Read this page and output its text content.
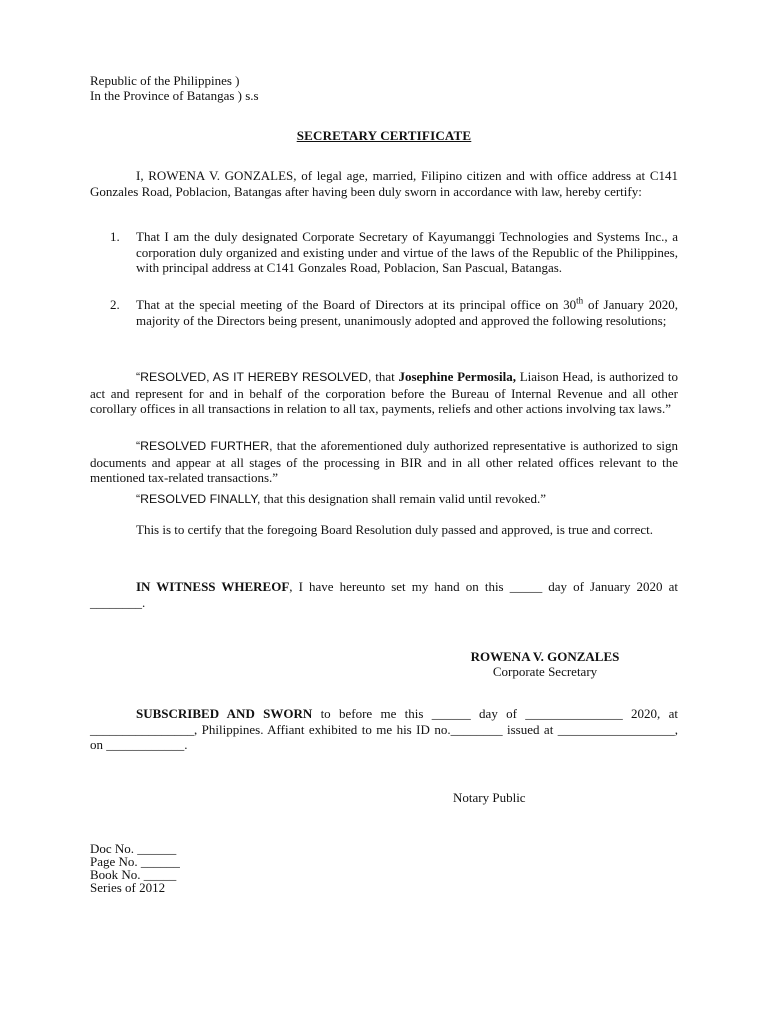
Republic of the Philippines )
In the Province of Batangas ) s.s
SECRETARY CERTIFICATE

I, ROWENA V. GONZALES, of legal age, married, Filipino citizen and with office address at C141 Gonzales Road, Poblacion, Batangas after having been duly sworn in accordance with law, hereby certify:

1. That I am the duly designated Corporate Secretary of Kayumanggi Technologies and Systems Inc., a corporation duly organized and existing under and virtue of the laws of the Republic of the Philippines, with principal address at C141 Gonzales Road, Poblacion, San Pascual, Batangas.
2. That at the special meeting of the Board of Directors at its principal office on 30th of January 2020, majority of the Directors being present, unanimously adopted and approved the following resolutions;

“RESOLVED, AS IT HEREBY RESOLVED, that Josephine Permosila, Liaison Head, is authorized to act and represent for and in behalf of the corporation before the Bureau of Internal Revenue and all other corollary offices in all transactions in relation to all tax, payments, reliefs and other actions involving tax laws.”

“RESOLVED FURTHER, that the aforementioned duly authorized representative is authorized to sign documents and appear at all stages of the processing in BIR and in all other related offices relevant to the mentioned tax-related transactions.”

“RESOLVED FINALLY, that this designation shall remain valid until revoked.”

This is to certify that the foregoing Board Resolution duly passed and approved, is true and correct.

IN WITNESS WHEREOF, I have hereunto set my hand on this _____ day of January 2020 at ________.

ROWENA V. GONZALES
Corporate Secretary

SUBSCRIBED AND SWORN to before me this ______ day of _______________ 2020, at ________________, Philippines. Affiant exhibited to me his ID no.________ issued at __________________, on ____________.

Notary Public
Doc No. ______
Page No. ______
Book No. _____
Series of 2012
